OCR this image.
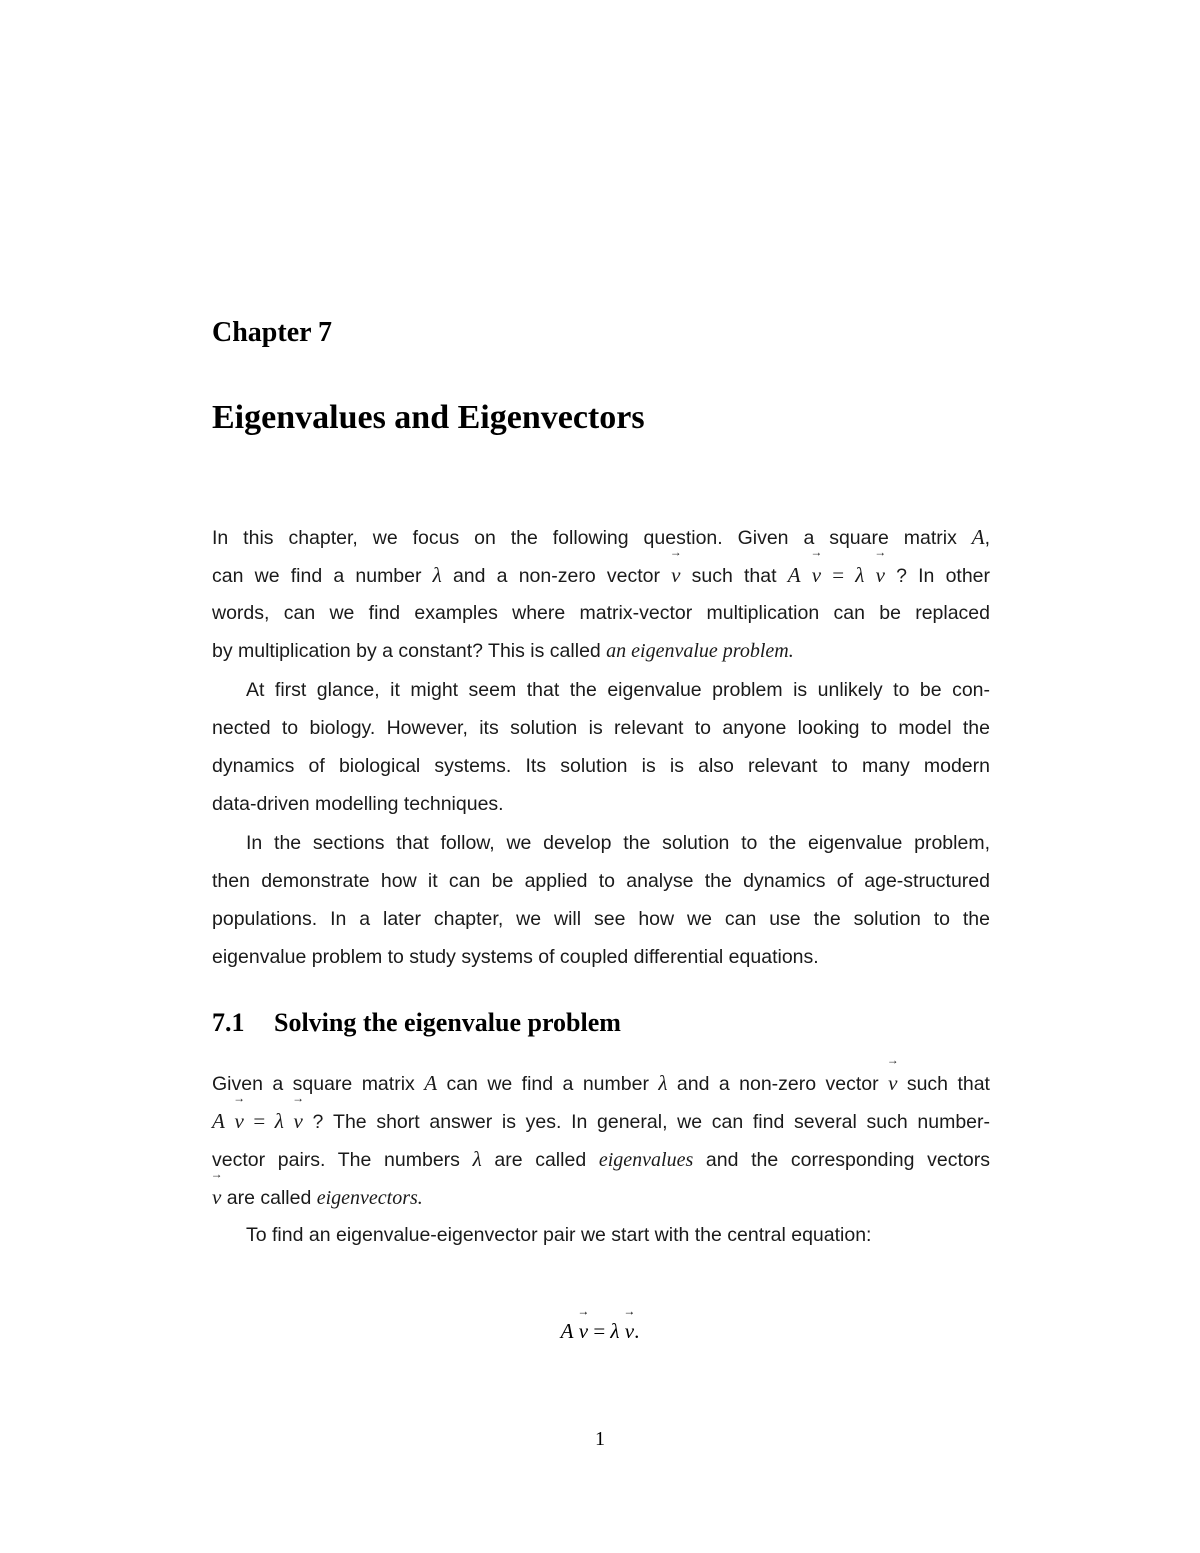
Chapter 7
Eigenvalues and Eigenvectors
In this chapter, we focus on the following question. Given a square matrix A,
can we find a number λ and a non-zero vector v → such that A v → = λ v → ? In other
words, can we find examples where matrix-vector multiplication can be replaced
by multiplication by a constant? This is called an eigenvalue problem.
At first glance, it might seem that the eigenvalue problem is unlikely to be con-
nected to biology. However, its solution is relevant to anyone looking to model the
dynamics of biological systems. Its solution is is also relevant to many modern
data-driven modelling techniques.
In the sections that follow, we develop the solution to the eigenvalue problem,
then demonstrate how it can be applied to analyse the dynamics of age-structured
populations. In a later chapter, we will see how we can use the solution to the
eigenvalue problem to study systems of coupled differential equations.
7.1 Solving the eigenvalue problem
Given a square matrix A can we find a number λ and a non-zero vector v → such that
A v → = λ v → ? The short answer is yes. In general, we can find several such number-
vector pairs. The numbers λ are called eigenvalues and the corresponding vectors
v → are called eigenvectors.
To find an eigenvalue-eigenvector pair we start with the central equation:
A v → = λ v →.
1
